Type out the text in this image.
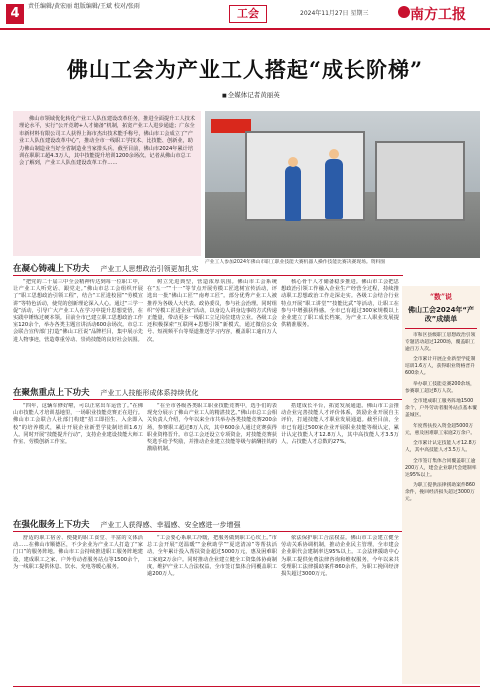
4	责任编辑/黄宏丽 组版编辑/王斌 校对/张雨
工会	2024年11月27日 星期三	南方工报
佛山工会为产业工人搭起“成长阶梯”
■ 全媒体记者黄丽英
佛山市领域优化转化产业工人队伍建设改革任务，推进全面提升工人技术理论水平，实行“公开竞聘+人才储备”机制，拓宽产业工人进步通道；广东全市新材料有限公司工人获得上海市杰出技术能手称号，佛山市工会成立了“产业工人队伍建设改革中心”，推动全市一线职工学技术、比技能、创新业，助力佛山制造业当好全省制造业当家排头兵。截至目前，佛山市2024年累计培训在职职工超4.3万人，其中技能提升培训1200余场次。记者从佛山市总工会了解到，产业工人队伍建设改革工作……
产业工人参加2024年佛山市职工职业技能大赛机器人操作技能比赛决赛现场。资料图
在凝心铸魂上下功夫 产业工人思想政治引领更加扎实
“把党的二十届三中全会精神传达到每一位职工中，让产业工人听党话、跟党走。”佛山市总工会组织开展了“职工思想政治引领工程”，结合“工匠进校园”“劳模宣讲”等特色活动，使党的创新理论深入人心。通过“三学一促”活动，引导广大产业工人在学习中提升思想觉悟，在实践中锤炼过硬本领。目前全市已建立职工思想政治工作室120余个，举办各类主题宣讲活动600余场次。市总工会联合宣传部门打造“佛山工匠说”品牌栏目，集中展示先进人物事迹，营造尊重劳动、崇尚技能的良好社会氛围。
树立先进典型，营造浓厚氛围。佛山市工会系统在“五一”“十一”等节点开展劳模工匠选树宣传活动，评选出一批“佛山工匠”“南粤工匠”。部分优秀产业工人被推荐为各级人大代表、政协委员，参与社会治理。同时组织“劳模工匠进企业”活动，以身边人讲身边事的方式传递正能量，带动更多一线职工立足岗位建功立业。各级工会还积极探索“互联网+思想引领”新模式，通过微信公众号、短视频平台等渠道推送学习内容，覆盖职工逾百万人次。
核心骨干人才储备稳步推进。佛山市工会把思想政治引领工作融入企业生产经营全过程，持续推动职工思想政治工作走深走实。各级工会结合行业特点开展“职工讲堂”“技能比武”等活动，让职工在参与中增强获得感。全市已有超过300家规模以上企业建立了职工成长档案，为产业工人职业发展提供精准服务。
在聚焦重点上下功夫 产业工人技能形成体系持续优化
“四年，这辆车修好啦，可以正常出车运营了。”在佛山市技能人才培训基地里，一场职业技能竞赛正在进行。佛山市工会联合人社部门构建“招工即招生、入企即入校”的培养模式，累计开展企业新型学徒制培训1.6万人。同时开展“技能提升行动”，支持企业建设技能大师工作室、劳模创新工作室。
“在全市各级各类职工职业技能竞赛中，选手们的表现充分展示了佛山产业工人的精湛技艺。”佛山市总工会相关负责人介绍，今年以来全市共举办各类技能竞赛200余场，参赛职工超过8万人次，其中600余人通过竞赛获得职业资格晋升。市总工会还设立专项资金，对技能竞赛获奖选手给予奖励，并推动企业建立技能等级与薪酬挂钩的激励机制。
搭建成长平台，拓宽发展通道。佛山市工会推动企业完善技能人才评价体系，鼓励企业开展自主评价，打通技能人才职业发展通道。截至目前，全市已有超过500家企业开展职业技能等级认定，累计认定技能人才12.8万人，其中高技能人才3.5万人，占技能人才总数的27%。
在强化服务上下功夫 产业工人获得感、幸福感、安全感进一步增强
舒适的职工宿舍、便捷的职工食堂、丰富的文体活动……在佛山市顺德区，不少企业为产业工人打造了“家门口”的服务阵地。佛山市工会持续推进职工服务阵地建设，建成职工之家、户外劳动者服务站点等1500余个，为一线职工提供休息、饮水、充电等暖心服务。
“工会要心系职工冷暖，把服务做到职工心坎上。”市总工会开展“送温暖”“金秋助学”“夏送清凉”等帮扶活动，全年累计投入帮扶资金超过5000万元，惠及困难职工家庭2万余户。同时推动企业建立健全工资集体协商制度，维护产业工人合法权益，全市签订集体合同覆盖职工逾200万人。
依法保护职工合法权益。佛山市工会建立健全劳动关系协调机制，推动企业民主管理，全市建会企业职代会建制率达95%以上。工会法律援助中心为职工提供免费法律咨询和维权服务，今年以来共受理职工法律援助案件860余件，为职工挽回经济损失超过3000万元。
“数”说
佛山工会2024年“产改”成绩单
市和区县级职工思想政治引领专题活动超过1200场，覆盖职工逾百万人次。
全市累计开展企业新型学徒制培训1.6万人，获得职业资格晋升600余人。
举办职工技能竞赛200余场，参赛职工超过8万人次。
全市建成职工服务阵地1500余个，户外劳动者服务站点基本覆盖城区。
年度帮扶投入资金超5000万元，惠及困难职工家庭2万余户。
全市累计认定技能人才12.8万人，其中高技能人才3.5万人。
全市签订集体合同覆盖职工逾200万人，建会企业职代会建制率达95%以上。
为职工提供法律援助案件860余件，挽回经济损失超过3000万元。
